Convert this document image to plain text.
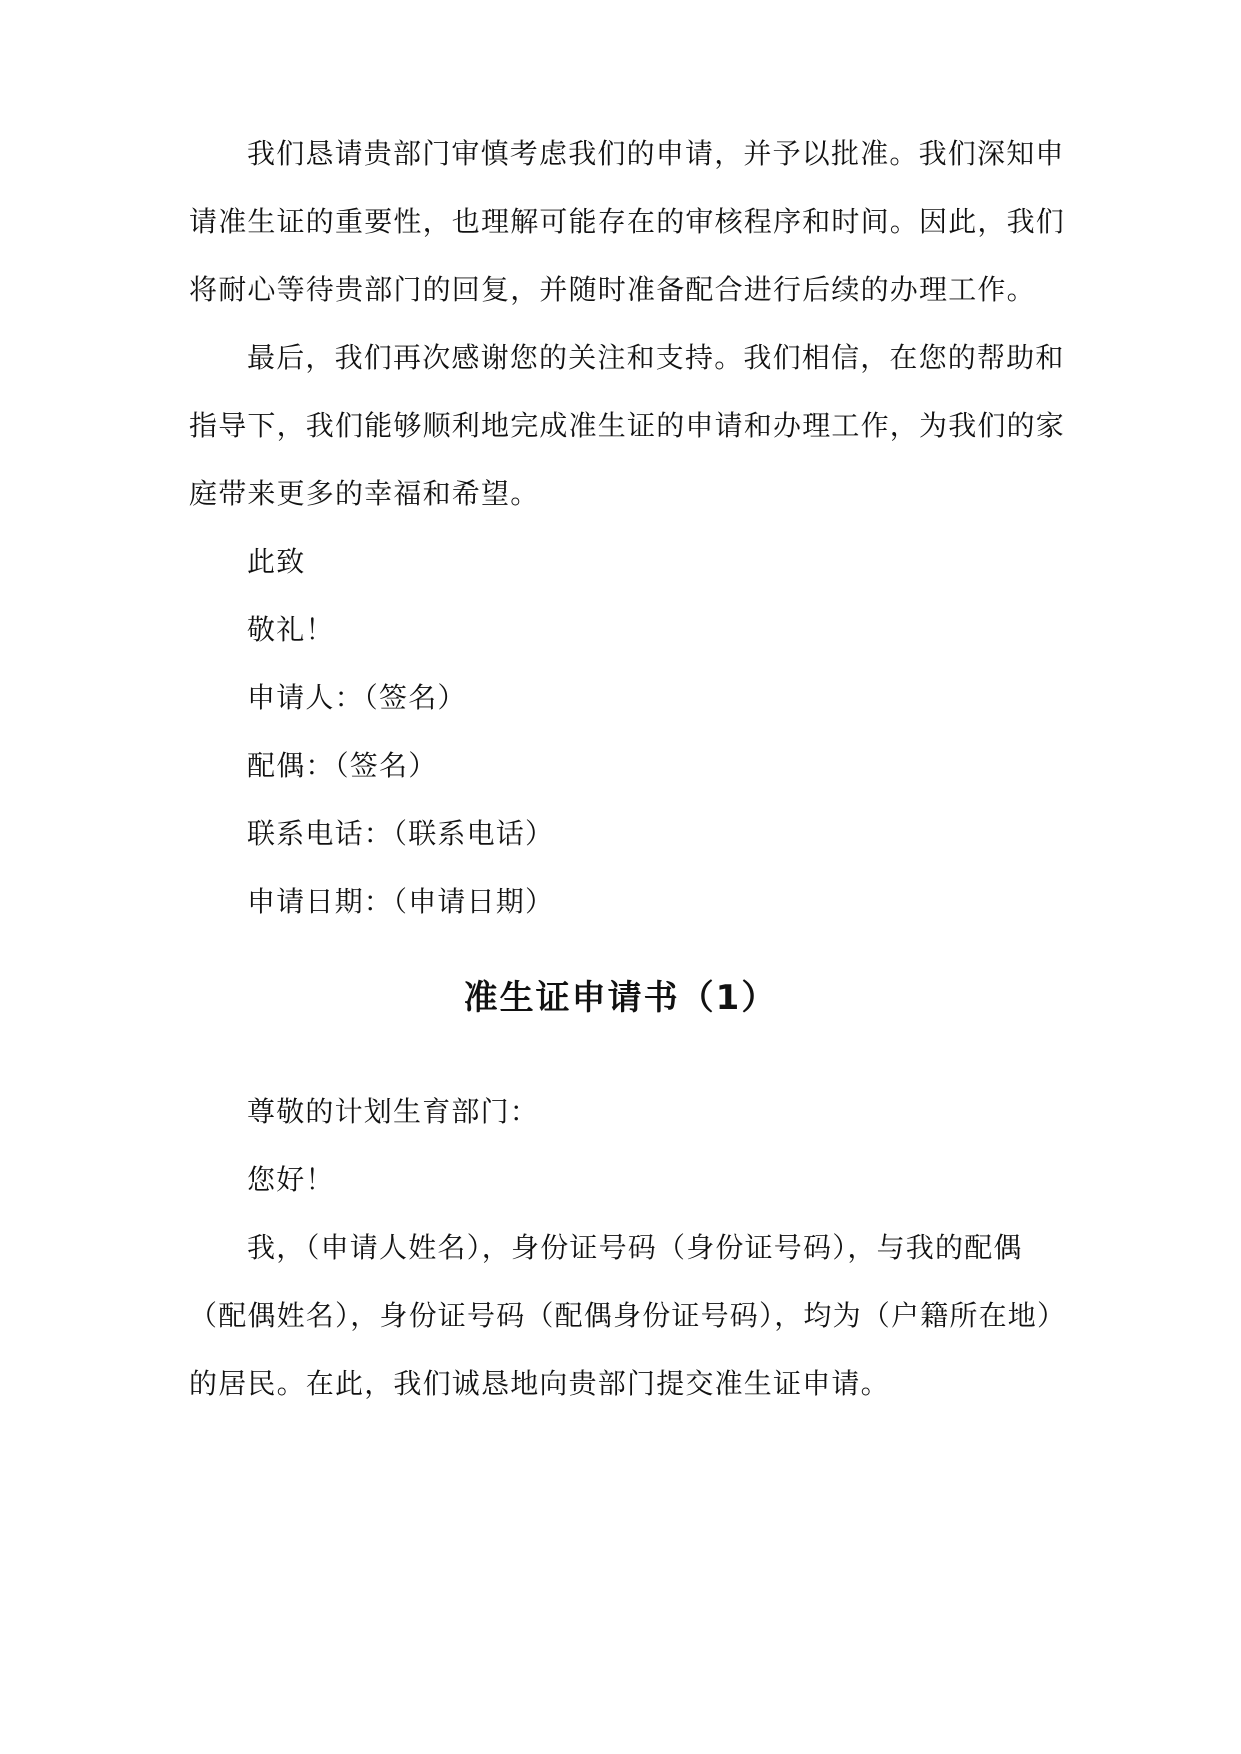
我们恳请贵部门审慎考虑我们的申请，并予以批准。我们深知申
请准生证的重要性，也理解可能存在的审核程序和时间。因此，我们
将耐心等待贵部门的回复，并随时准备配合进行后续的办理工作。
最后，我们再次感谢您的关注和支持。我们相信，在您的帮助和
指导下，我们能够顺利地完成准生证的申请和办理工作，为我们的家
庭带来更多的幸福和希望。
此致
敬礼！
申请人：（签名）
配偶：（签名）
联系电话：（联系电话）
申请日期：（申请日期）
准生证申请书（1）
尊敬的计划生育部门：
您好！
我，（申请人姓名），身份证号码（身份证号码），与我的配偶
（配偶姓名），身份证号码（配偶身份证号码），均为（户籍所在地）
的居民。在此，我们诚恳地向贵部门提交准生证申请。
